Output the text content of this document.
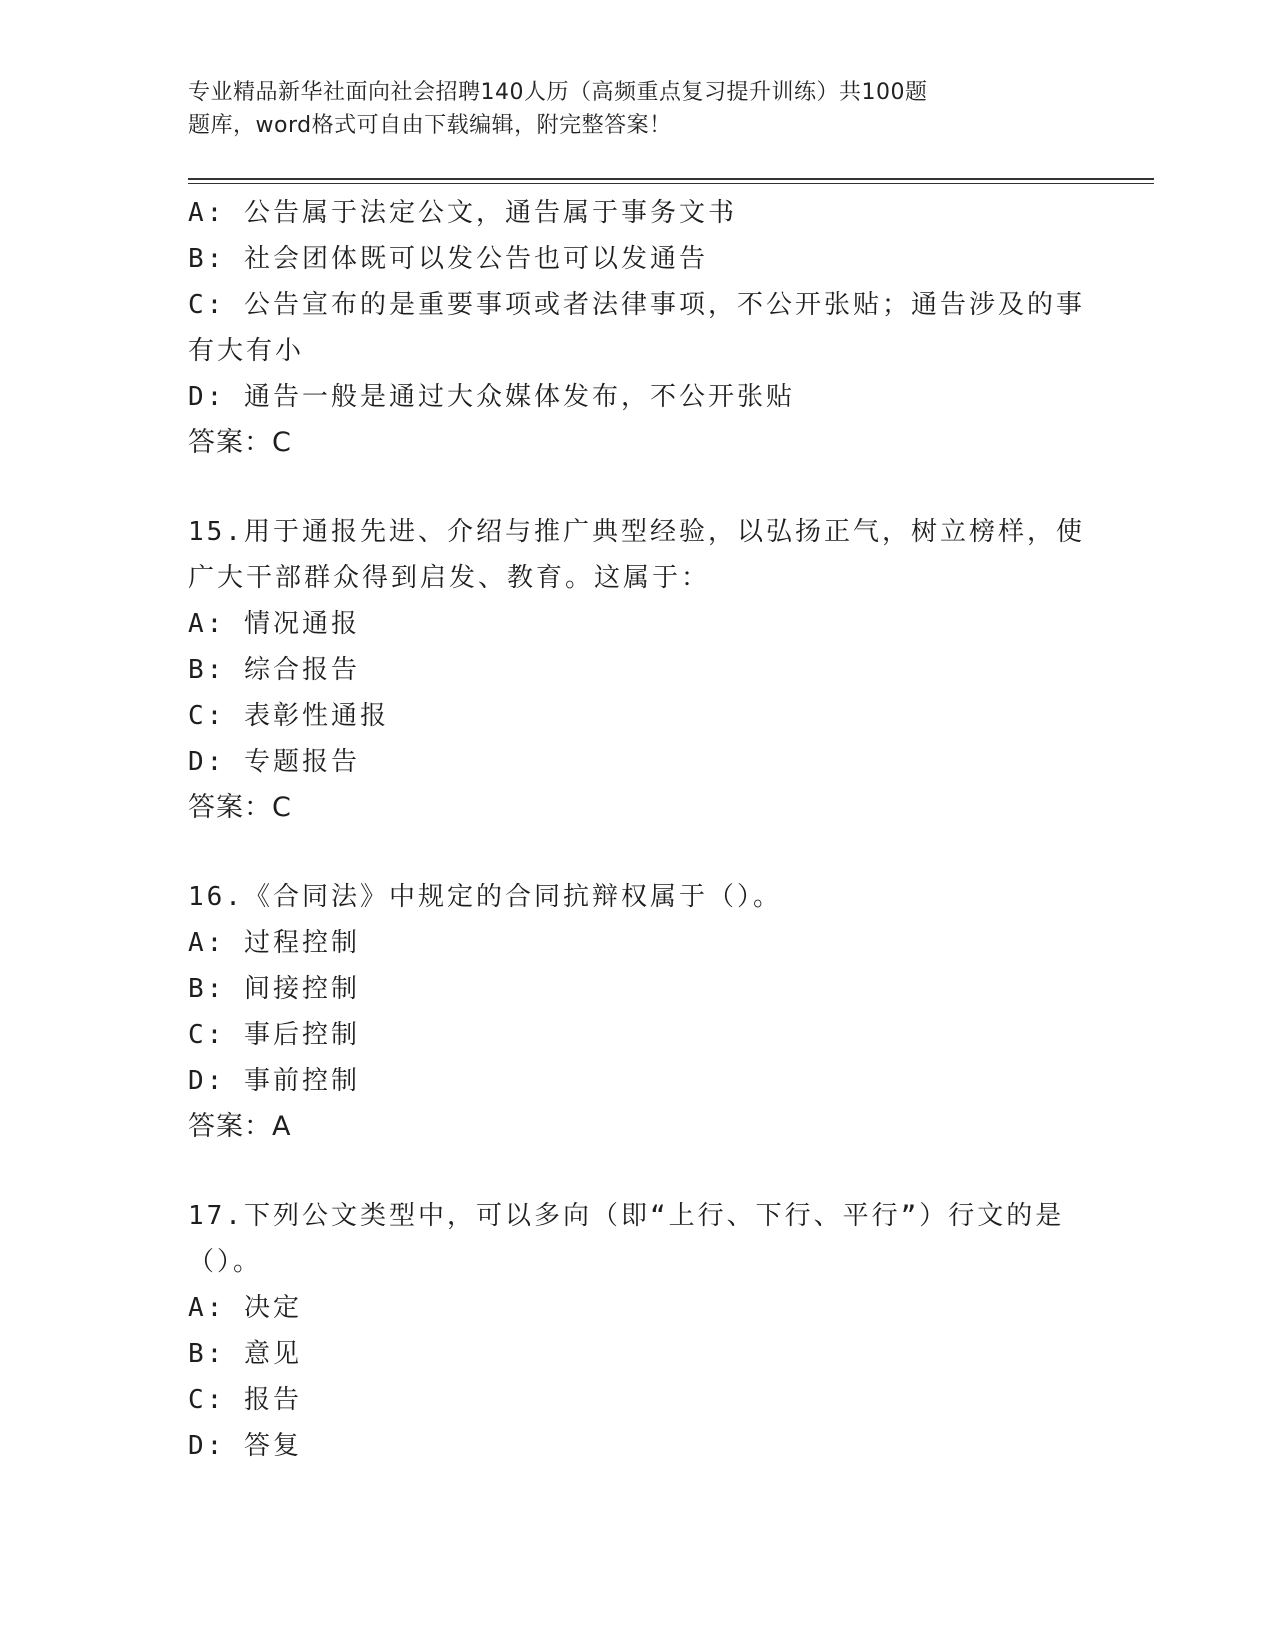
专业精品新华社面向社会招聘140人历（高频重点复习提升训练）共100题
题库，word格式可自由下载编辑，附完整答案！
A: 公告属于法定公文，通告属于事务文书
B: 社会团体既可以发公告也可以发通告
C: 公告宣布的是重要事项或者法律事项，不公开张贴；通告涉及的事
有大有小
D: 通告一般是通过大众媒体发布，不公开张贴
答案：C
15.用于通报先进、介绍与推广典型经验，以弘扬正气，树立榜样，使
广大干部群众得到启发、教育。这属于：
A: 情况通报
B: 综合报告
C: 表彰性通报
D: 专题报告
答案：C
16.《合同法》中规定的合同抗辩权属于（）。
A: 过程控制
B: 间接控制
C: 事后控制
D: 事前控制
答案：A
17.下列公文类型中，可以多向（即“上行、下行、平行”）行文的是
（）。
A: 决定
B: 意见
C: 报告
D: 答复
